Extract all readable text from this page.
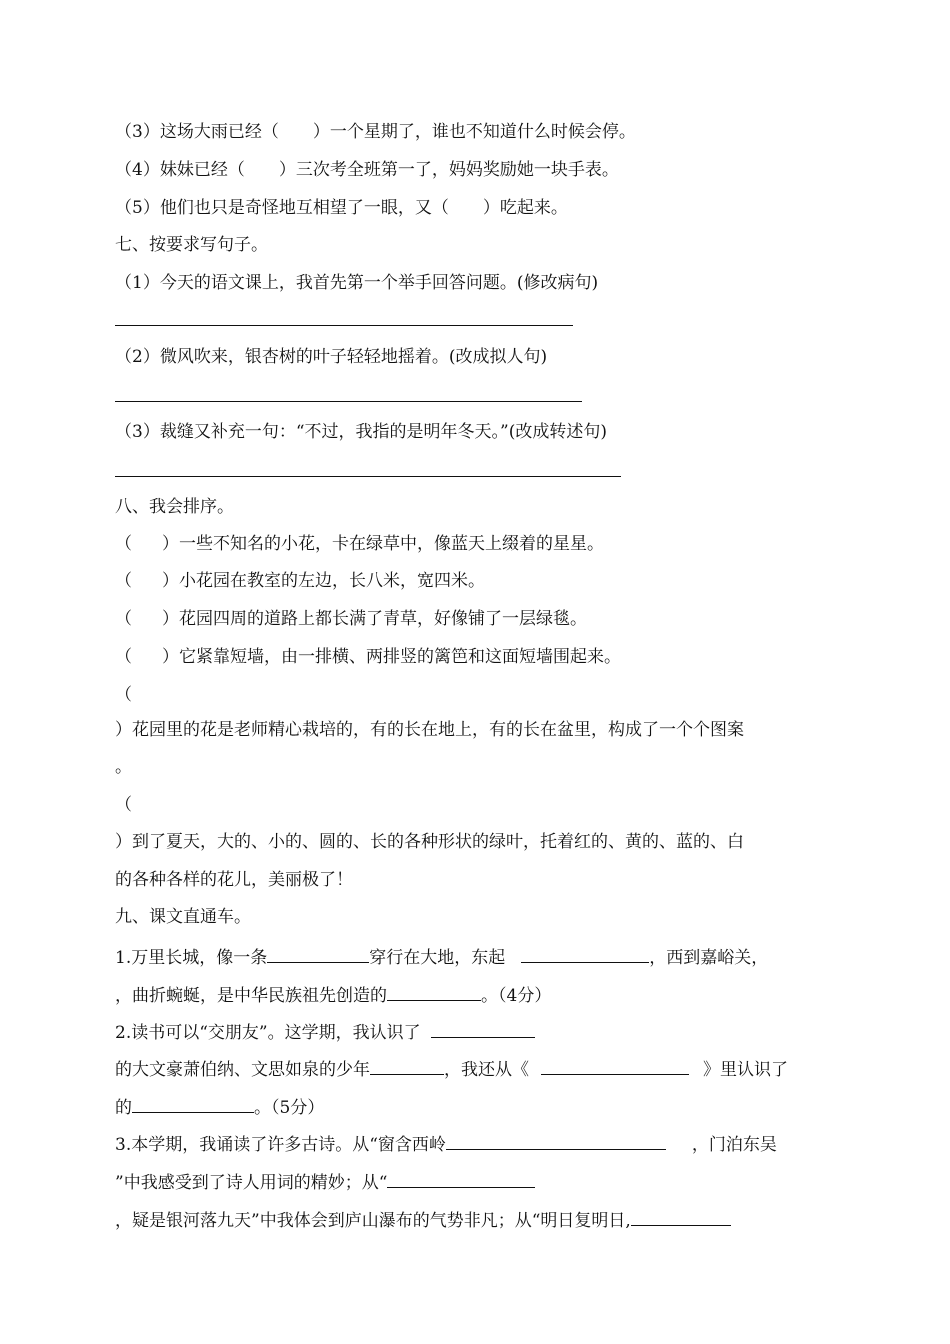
（3）这场大雨已经（　　）一个星期了，谁也不知道什么时候会停。
（4）妹妹已经（　　）三次考全班第一了，妈妈奖励她一块手表。
（5）他们也只是奇怪地互相望了一眼，又（　　）吃起来。
七、按要求写句子。
（1）今天的语文课上，我首先第一个举手回答问题。(修改病句)
（2）微风吹来，银杏树的叶子轻轻地摇着。(改成拟人句)
（3）裁缝又补充一句：“不过，我指的是明年冬天。”(改成转述句)
八、我会排序。
（ ）一些不知名的小花，卡在绿草中，像蓝天上缀着的星星。
（ ）小花园在教室的左边，长八米，宽四米。
（ ）花园四周的道路上都长满了青草，好像铺了一层绿毯。
（ ）它紧靠短墙，由一排横、两排竖的篱笆和这面短墙围起来。
（
）花园里的花是老师精心栽培的，有的长在地上，有的长在盆里，构成了一个个图案
。
（
）到了夏天，大的、小的、圆的、长的各种形状的绿叶，托着红的、黄的、蓝的、白
的各种各样的花儿，美丽极了！
九、课文直通车。
1.万里长城，像一条	穿行在大地，东起	，西到嘉峪关，
，曲折蜿蜒，是中华民族祖先创造的	。（4分）
2.读书可以“交朋友”。这学期，我认识了
的大文豪萧伯纳、文思如泉的少年	，我还从《	》里认识了
的	。（5分）
3.本学期，我诵读了许多古诗。从“窗含西岭	，门泊东吴
”中我感受到了诗人用词的精妙；从“
，疑是银河落九天”中我体会到庐山瀑布的气势非凡；从“明日复明日,
